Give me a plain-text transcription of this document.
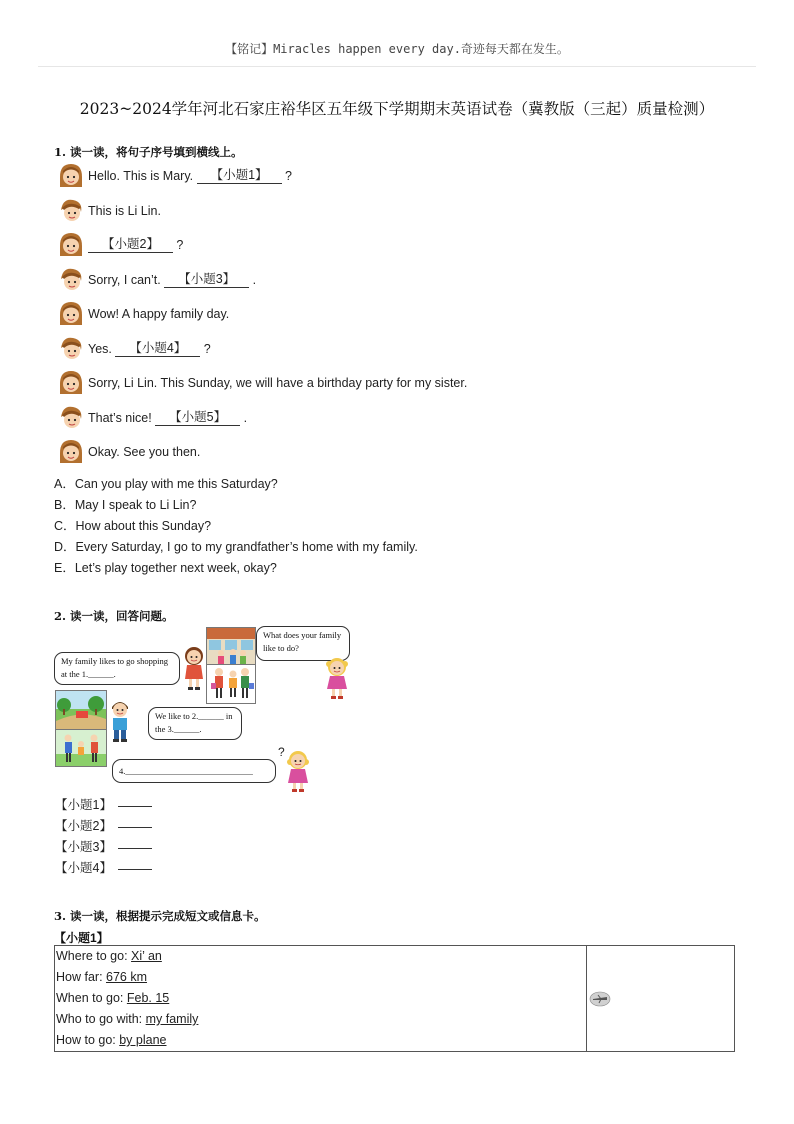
【铭记】Miracles happen every day.奇迹每天都在发生。
2023~2024学年河北石家庄裕华区五年级下学期期末英语试卷（冀教版（三起）质量检测）
1. 读一读，将句子序号填到横线上。
Hello. This is Mary.	【小题1】	?
This is Li Lin.
【小题2】	?
Sorry, I can’t.	【小题3】	.
Wow! A happy family day.
Yes.	【小题4】	?
Sorry, Li Lin. This Sunday, we will have a birthday party for my sister.
That’s nice!	【小题5】	.
Okay. See you then.
A．Can you play with me this Saturday?
B．May I speak to Li Lin?
C．How about this Sunday?
D．Every Saturday, I go to my grandfather’s home with my family.
E．Let’s play together next week, okay?
2. 读一读，回答问题。
My family likes to go shopping at the 1.______.
What does your family like to do?
We like to 2.______ in the 3.______.
4.______________________________
?
【小题1】
【小题2】
【小题3】
【小题4】
3. 读一读，根据提示完成短文或信息卡。
【小题1】
Where to go: Xi’ an
How far: 676 km
When to go: Feb. 15
Who to go with: my family
How to go: by plane
